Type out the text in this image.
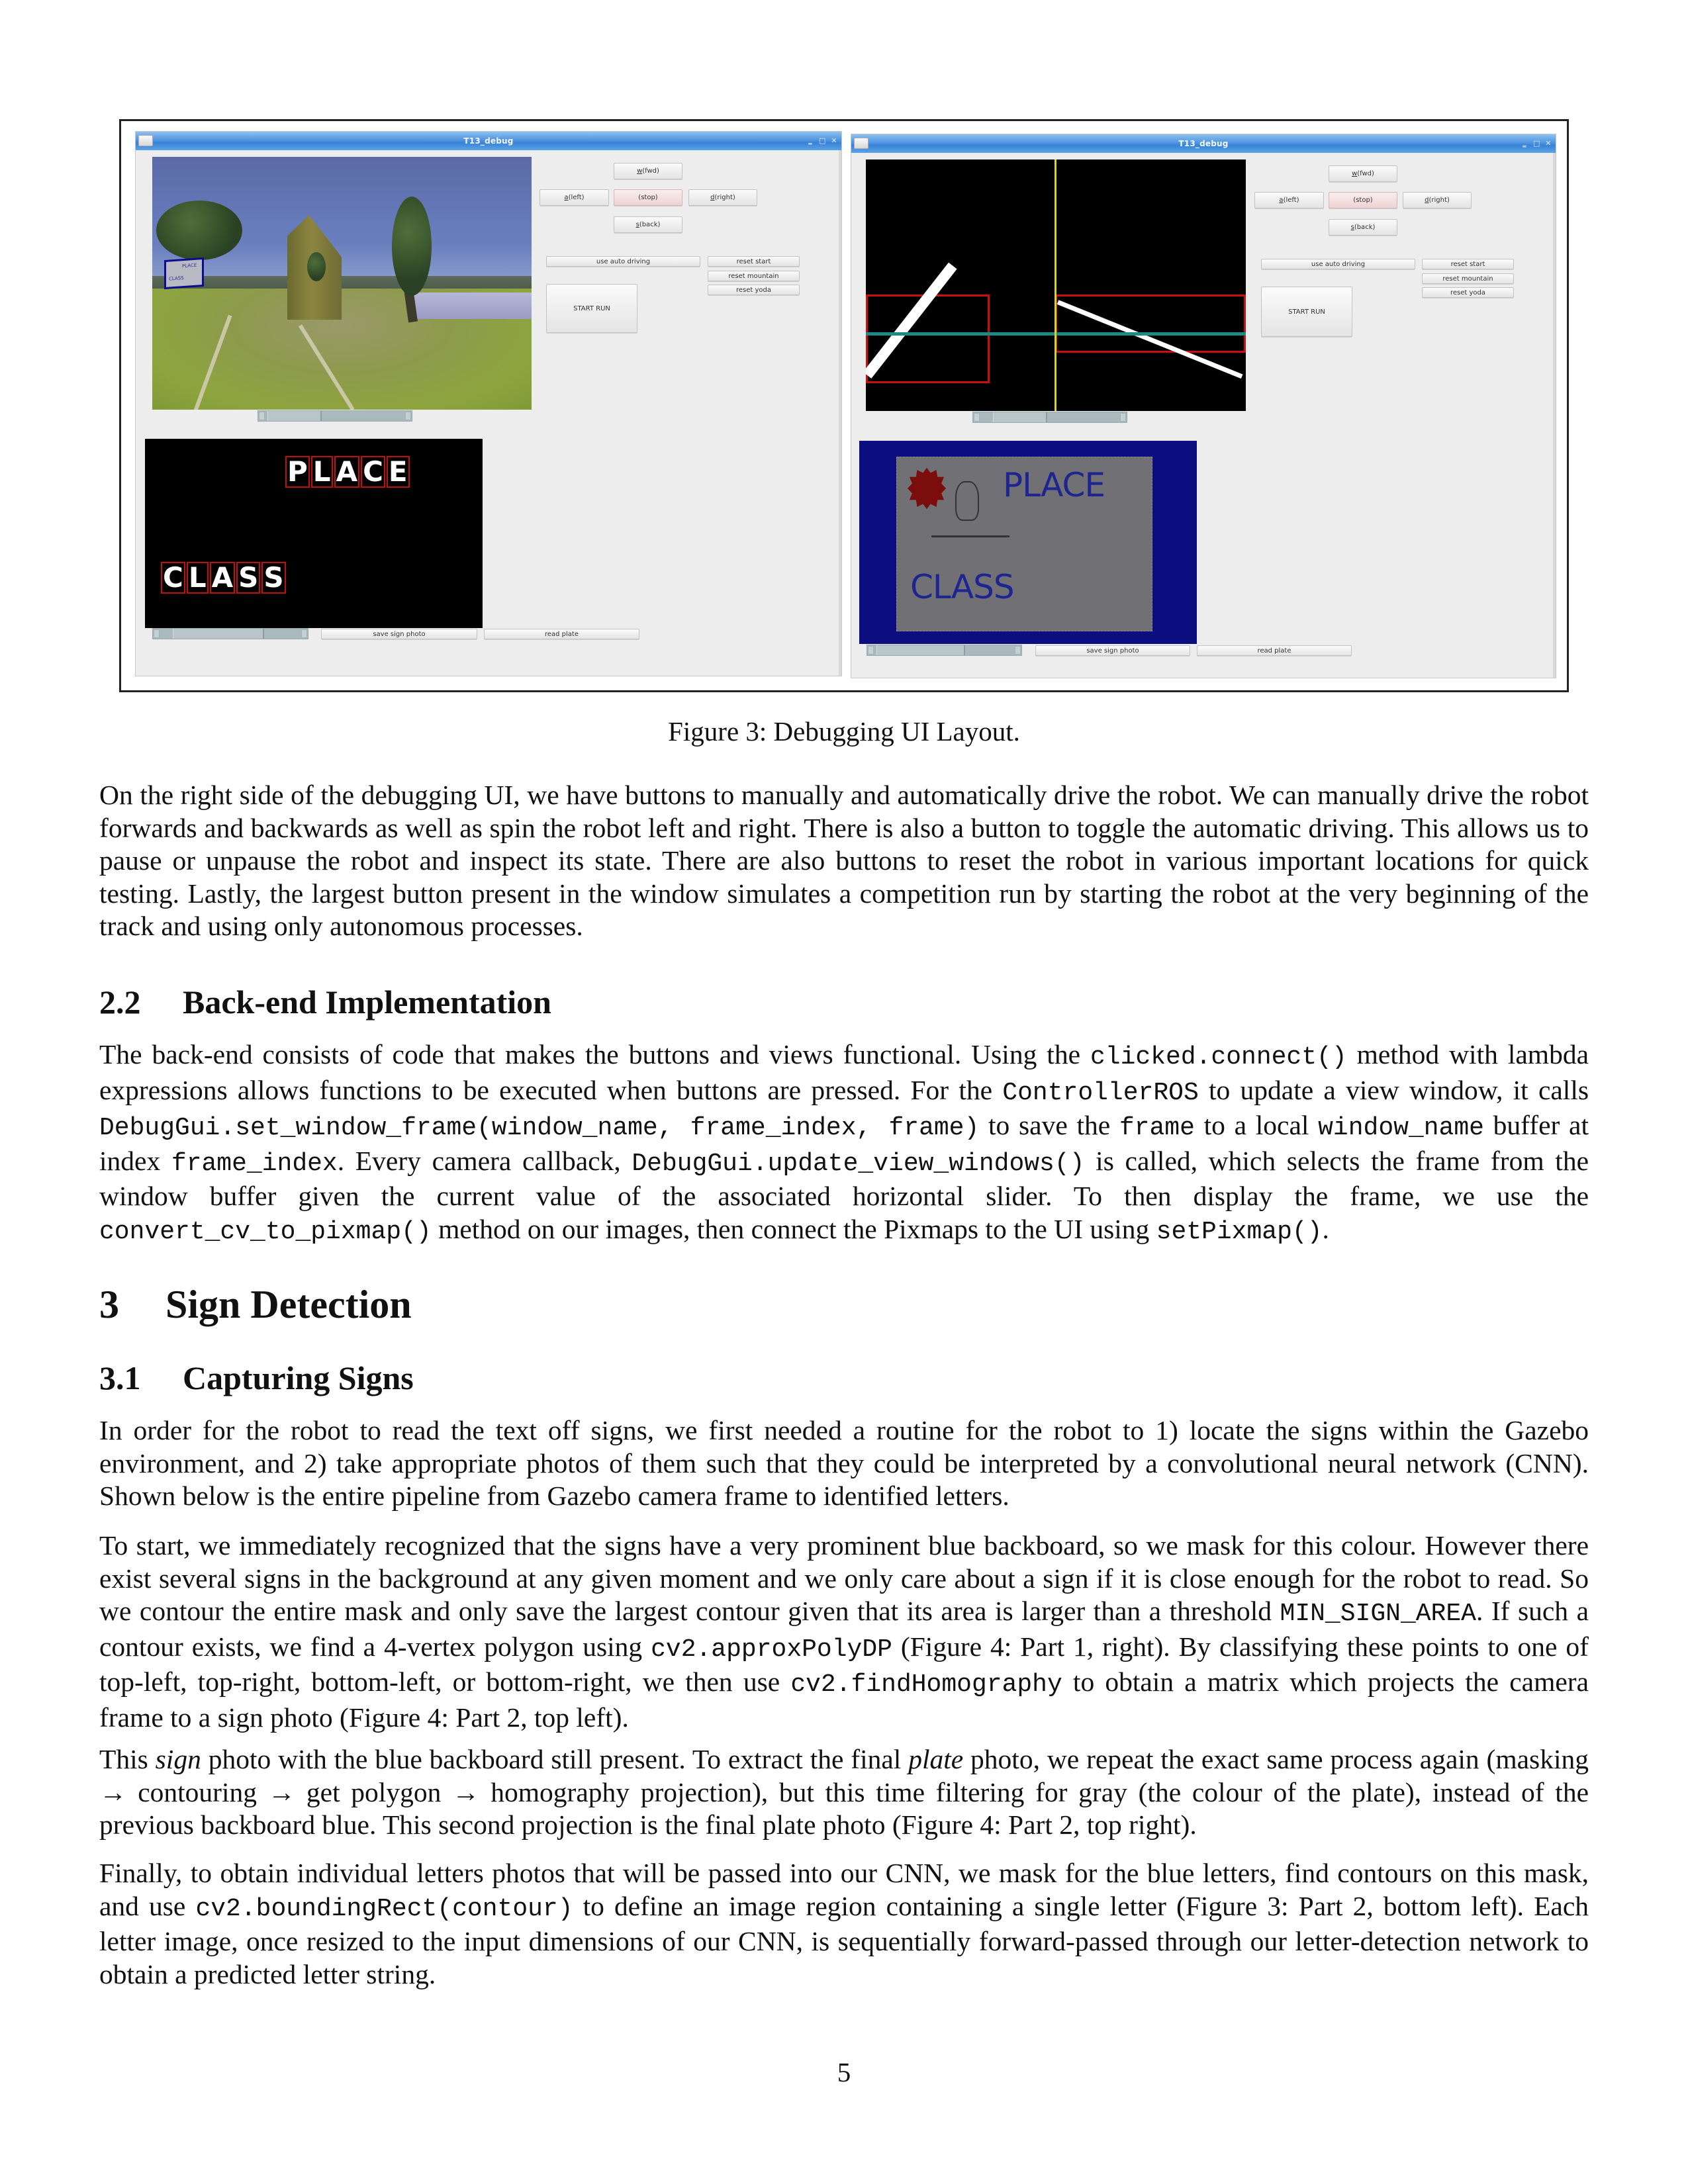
T13_debug	‗ □ ✕
PLACE
CLASS
w (fwd)
a (left)	(stop)	d (right)
s (back)
use auto driving	reset start
reset mountain
reset yoda
START RUN
P L A C E
C L A S S
save sign photo	read plate
T13_debug	‗ □ ✕
w (fwd)
a (left)	(stop)	d (right)
s (back)
use auto driving	reset start
reset mountain
reset yoda
START RUN
PLACE
CLASS
save sign photo	read plate
Figure 3: Debugging UI Layout.

On the right side of the debugging UI, we have buttons to manually and automatically drive the robot. We can manually drive the robot forwards and backwards as well as spin the robot left and right. There is also a button to toggle the automatic driving. This allows us to pause or unpause the robot and inspect its state. There are also buttons to reset the robot in various important locations for quick testing. Lastly, the largest button present in the window simulates a competition run by starting the robot at the very beginning of the track and using only autonomous processes.

2.2 Back-end Implementation

The back-end consists of code that makes the buttons and views functional. Using the clicked.connect() method with lambda expressions allows functions to be executed when buttons are pressed. For the ControllerROS to update a view window, it calls DebugGui.set_window_frame(window_name, frame_index, frame) to save the frame to a local window_name buffer at index frame_index. Every camera callback, DebugGui.update_view_windows() is called, which selects the frame from the window buffer given the current value of the associated horizontal slider. To then display the frame, we use the convert_cv_to_pixmap() method on our images, then connect the Pixmaps to the UI using setPixmap().

3 Sign Detection
3.1 Capturing Signs

In order for the robot to read the text off signs, we first needed a routine for the robot to 1) locate the signs within the Gazebo environment, and 2) take appropriate photos of them such that they could be interpreted by a convolutional neural network (CNN). Shown below is the entire pipeline from Gazebo camera frame to identified letters.

To start, we immediately recognized that the signs have a very prominent blue backboard, so we mask for this colour. However there exist several signs in the background at any given moment and we only care about a sign if it is close enough for the robot to read. So we contour the entire mask and only save the largest contour given that its area is larger than a threshold MIN_SIGN_AREA. If such a contour exists, we find a 4-vertex polygon using cv2.approxPolyDP (Figure 4: Part 1, right). By classifying these points to one of top-left, top-right, bottom-left, or bottom-right, we then use cv2.findHomography to obtain a matrix which projects the camera frame to a sign photo (Figure 4: Part 2, top left).

This sign photo with the blue backboard still present. To extract the final plate photo, we repeat the exact same process again (masking → contouring → get polygon → homography projection), but this time filtering for gray (the colour of the plate), instead of the previous backboard blue. This second projection is the final plate photo (Figure 4: Part 2, top right).

Finally, to obtain individual letters photos that will be passed into our CNN, we mask for the blue letters, find contours on this mask, and use cv2.boundingRect(contour) to define an image region containing a single letter (Figure 3: Part 2, bottom left). Each letter image, once resized to the input dimensions of our CNN, is sequentially forward-passed through our letter-detection network to obtain a predicted letter string.

5
